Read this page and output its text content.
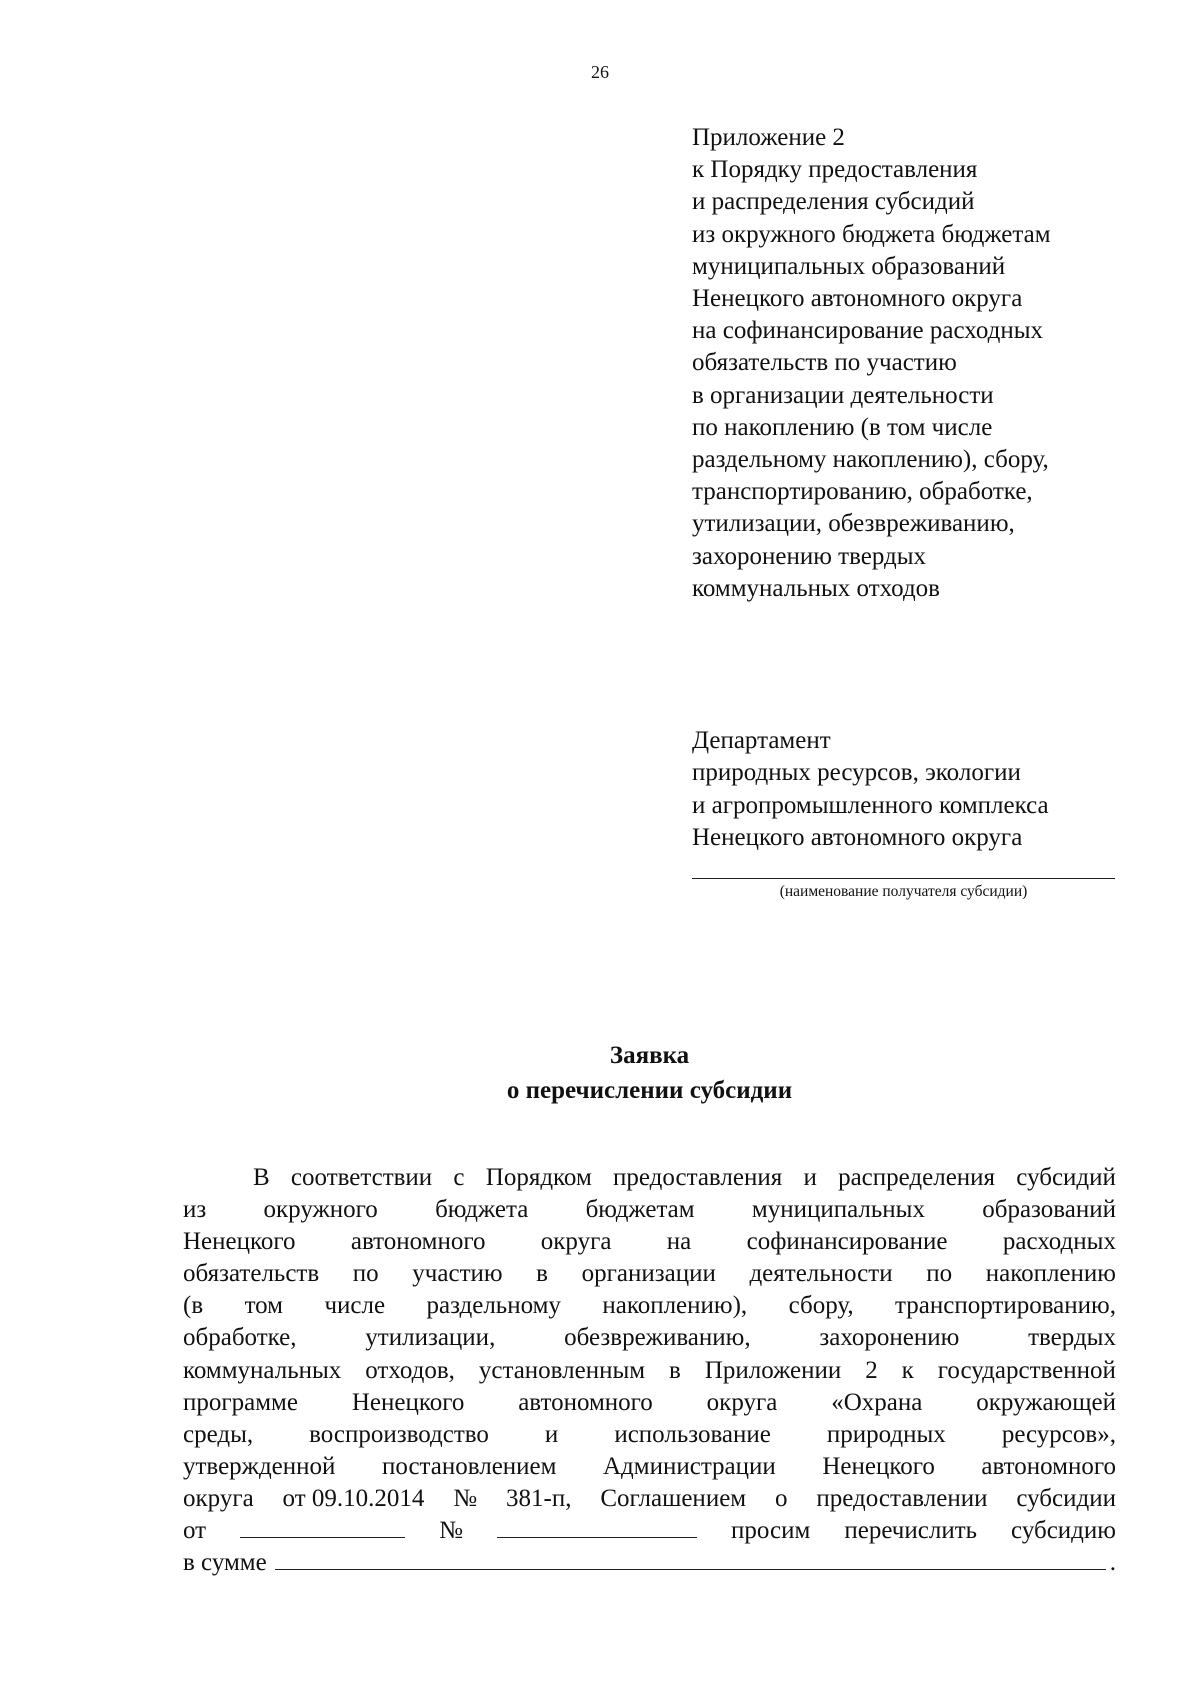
26
Приложение 2
к Порядку предоставления
и распределения субсидий
из окружного бюджета бюджетам
муниципальных образований
Ненецкого автономного округа
на софинансирование расходных
обязательств по участию
в организации деятельности
по накоплению (в том числе
раздельному накоплению), сбору,
транспортированию, обработке,
утилизации, обезвреживанию,
захоронению твердых
коммунальных отходов
Департамент
природных ресурсов, экологии
и агропромышленного комплекса
Ненецкого автономного округа
(наименование получателя субсидии)
Заявка
о перечислении субсидии
В соответствии с Порядком предоставления и распределения субсидий
из окружного бюджета бюджетам муниципальных образований
Ненецкого автономного округа на софинансирование расходных
обязательств по участию в организации деятельности по накоплению
(в том числе раздельному накоплению), сбору, транспортированию,
обработке,	утилизации,	обезвреживанию,	захоронению	твердых
коммунальных отходов, установленным в Приложении 2 к государственной
программе Ненецкого автономного округа «Охрана окружающей
среды, воспроизводство и использование природных ресурсов»,
утвержденной постановлением Администрации Ненецкого автономного
округа от 09.10.2014 № 381-п, Соглашением о предоставлении субсидии
от	№	просим перечислить субсидию
в сумме	.
